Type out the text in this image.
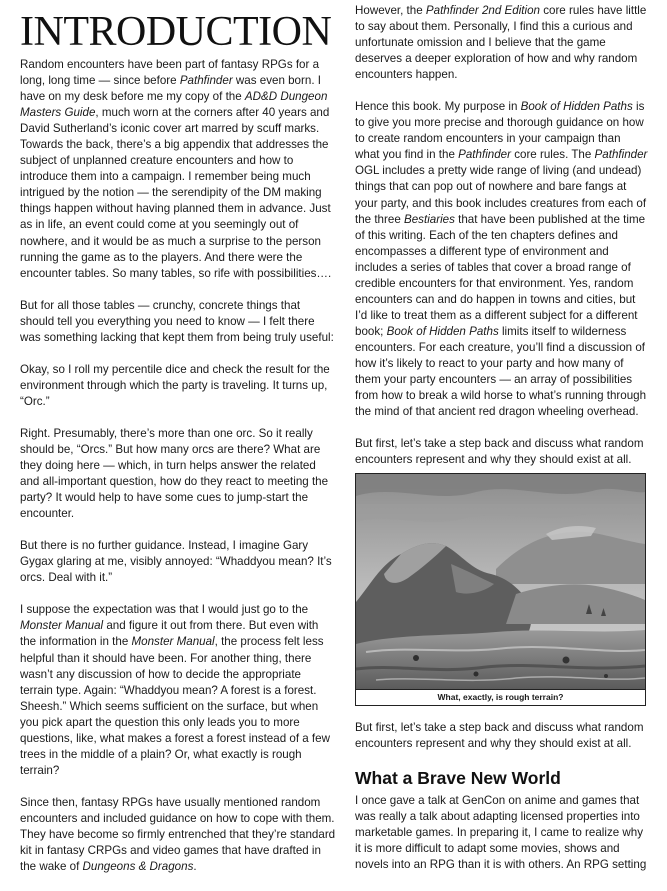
INTRODUCTION

Random encounters have been part of fantasy RPGs for a long, long time — since before Pathfinder was even born. I have on my desk before me my copy of the AD&D Dungeon Masters Guide, much worn at the corners after 40 years and David Sutherland’s iconic cover art marred by scuff marks. Towards the back, there’s a big appendix that addresses the subject of unplanned creature encounters and how to introduce them into a campaign. I remember being much intrigued by the notion — the serendipity of the DM making things happen without having planned them in advance. Just as in life, an event could come at you seemingly out of nowhere, and it would be as much a surprise to the person running the game as to the players. And there were the encounter tables. So many tables, so rife with possibilities….

But for all those tables — crunchy, concrete things that should tell you everything you need to know — I felt there was something lacking that kept them from being truly useful:

Okay, so I roll my percentile dice and check the result for the environment through which the party is traveling. It turns up, “Orc.”

Right. Presumably, there’s more than one orc. So it really should be, “Orcs.” But how many orcs are there? What are they doing here — which, in turn helps answer the related and all-important question, how do they react to meeting the party? It would help to have some cues to jump-start the encounter.

But there is no further guidance. Instead, I imagine Gary Gygax glaring at me, visibly annoyed: “Whaddyou mean? It’s orcs. Deal with it.”

I suppose the expectation was that I would just go to the Monster Manual and figure it out from there. But even with the information in the Monster Manual, the process felt less helpful than it should have been. For another thing, there wasn’t any discussion of how to decide the appropriate terrain type. Again: “Whaddyou mean? A forest is a forest. Sheesh.” Which seems sufficient on the surface, but when you pick apart the question this only leads you to more questions, like, what makes a forest a forest instead of a few trees in the middle of a plain? Or, what exactly is rough terrain?

Since then, fantasy RPGs have usually mentioned random encounters and included guidance on how to cope with them. They have become so firmly entrenched that they’re standard kit in fantasy CRPGs and video games that have drafted in the wake of Dungeons & Dragons.

However, the Pathfinder 2nd Edition core rules have little to say about them. Personally, I find this a curious and unfortunate omission and I believe that the game deserves a deeper exploration of how and why random encounters happen.

Hence this book. My purpose in Book of Hidden Paths is to give you more precise and thorough guidance on how to create random encounters in your campaign than what you find in the Pathfinder core rules. The Pathfinder OGL includes a pretty wide range of living (and undead) things that can pop out of nowhere and bare fangs at your party, and this book includes creatures from each of the three Bestiaries that have been published at the time of this writing. Each of the ten chapters defines and encompasses a different type of environment and includes a series of tables that cover a broad range of credible encounters for that environment. Yes, random encounters can and do happen in towns and cities, but I’d like to treat them as a different subject for a different book; Book of Hidden Paths limits itself to wilderness encounters. For each creature, you’ll find a discussion of how it’s likely to react to your party and how many of them your party encounters — an array of possibilities from how to break a wild horse to what’s running through the mind of that ancient red dragon wheeling overhead.

But first, let’s take a step back and discuss what random encounters represent and why they should exist at all.

What, exactly, is rough terrain?

But first, let’s take a step back and discuss what random encounters represent and why they should exist at all.

What a Brave New World

I once gave a talk at GenCon on anime and games that was really a talk about adapting licensed properties into marketable games. In preparing it, I came to realize why it is more difficult to adapt some movies, shows and novels into an RPG than it is with others. An RPG setting
